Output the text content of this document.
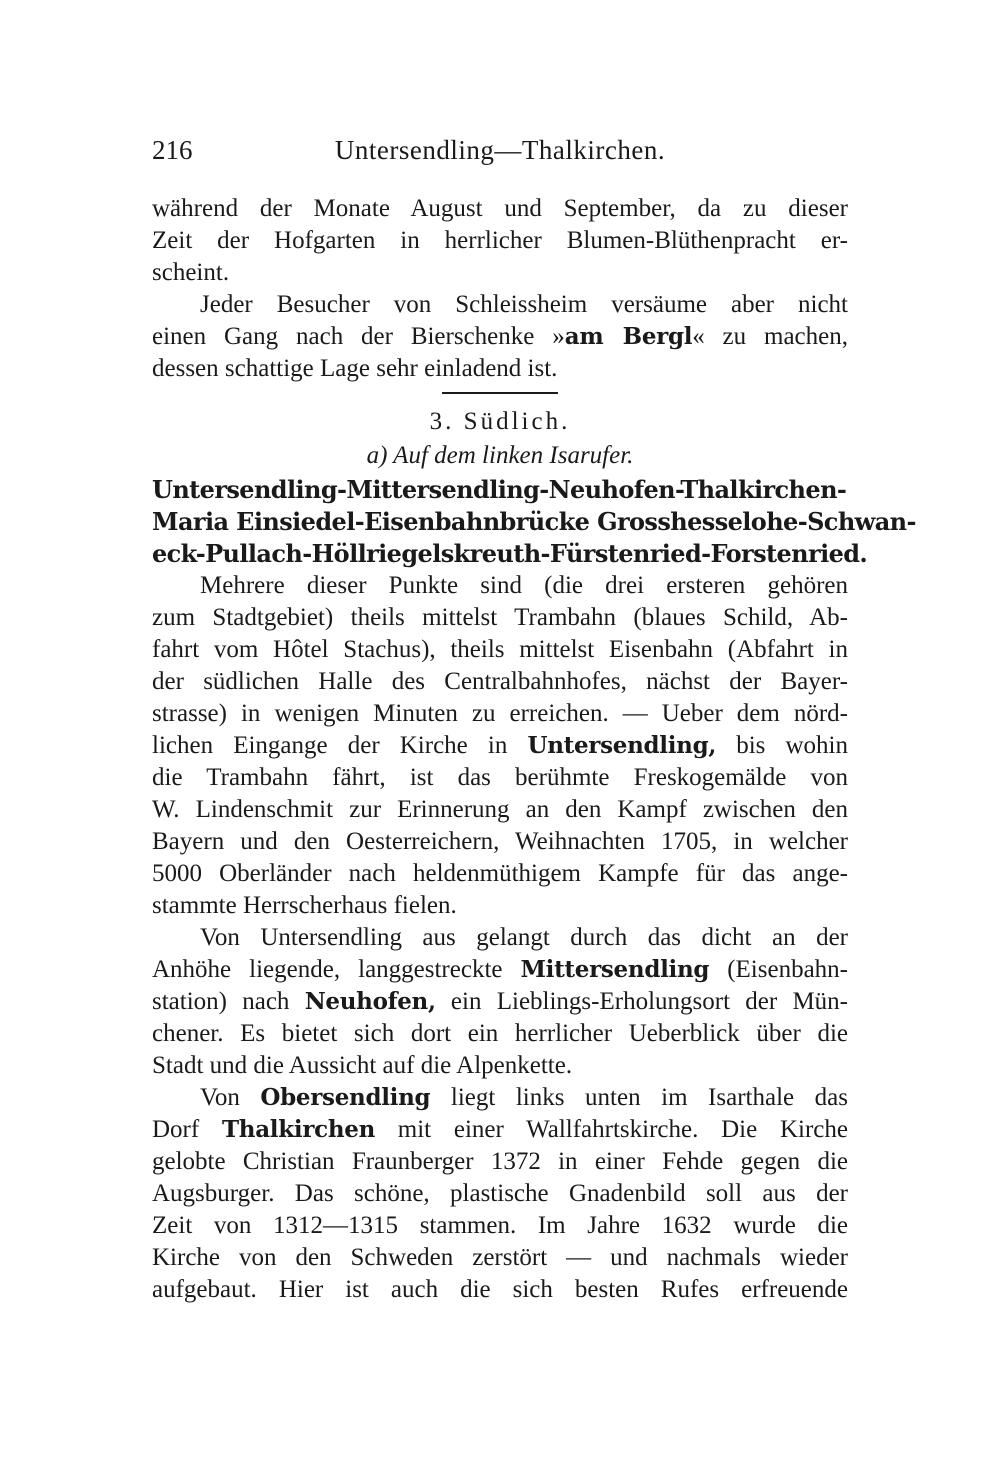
216	Untersendling—Thalkirchen.
während der Monate August und September, da zu dieser
Zeit der Hofgarten in herrlicher Blumen-Blüthenpracht er-
scheint.
Jeder Besucher von Schleissheim versäume aber nicht
einen Gang nach der Bierschenke »am Bergl« zu machen,
dessen schattige Lage sehr einladend ist.
3. Südlich.
a) Auf dem linken Isarufer.
Untersendling-Mittersendling-Neuhofen-Thalkirchen-
Maria Einsiedel-Eisenbahnbrücke Grosshesselohe-Schwan-
eck-Pullach-Höllriegelskreuth-Fürstenried-Forstenried.
Mehrere dieser Punkte sind (die drei ersteren gehören
zum Stadtgebiet) theils mittelst Trambahn (blaues Schild, Ab-
fahrt vom Hôtel Stachus), theils mittelst Eisenbahn (Abfahrt in
der südlichen Halle des Centralbahnhofes, nächst der Bayer-
strasse) in wenigen Minuten zu erreichen. — Ueber dem nörd-
lichen Eingange der Kirche in Untersendling, bis wohin
die Trambahn fährt, ist das berühmte Freskogemälde von
W. Lindenschmit zur Erinnerung an den Kampf zwischen den
Bayern und den Oesterreichern, Weihnachten 1705, in welcher
5000 Oberländer nach heldenmüthigem Kampfe für das ange-
stammte Herrscherhaus fielen.
Von Untersendling aus gelangt durch das dicht an der
Anhöhe liegende, langgestreckte Mittersendling (Eisenbahn-
station) nach Neuhofen, ein Lieblings-Erholungsort der Mün-
chener. Es bietet sich dort ein herrlicher Ueberblick über die
Stadt und die Aussicht auf die Alpenkette.
Von Obersendling liegt links unten im Isarthale das
Dorf Thalkirchen mit einer Wallfahrtskirche. Die Kirche
gelobte Christian Fraunberger 1372 in einer Fehde gegen die
Augsburger. Das schöne, plastische Gnadenbild soll aus der
Zeit von 1312—1315 stammen. Im Jahre 1632 wurde die
Kirche von den Schweden zerstört — und nachmals wieder
aufgebaut. Hier ist auch die sich besten Rufes erfreuende
